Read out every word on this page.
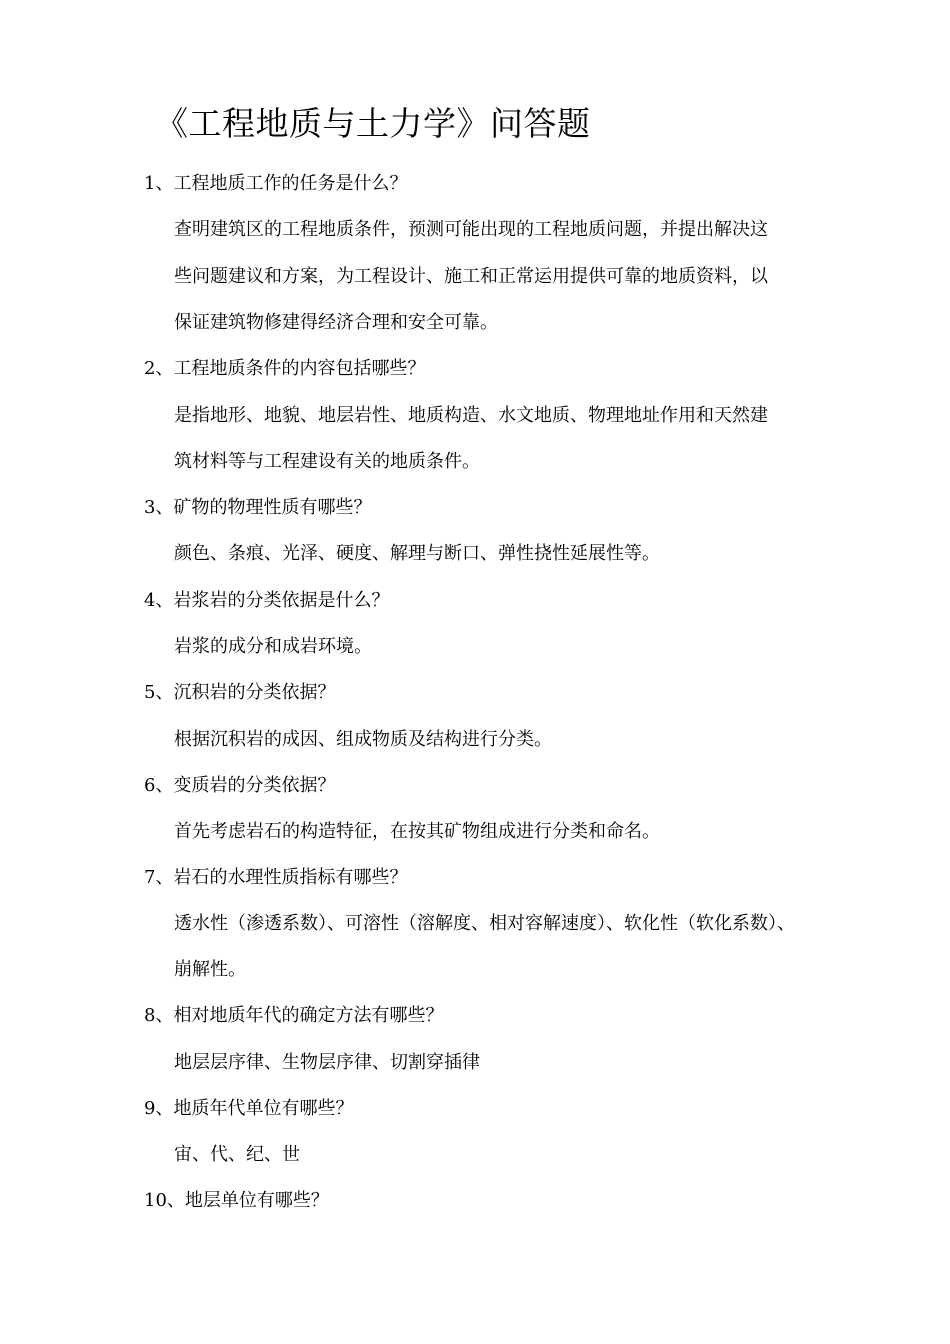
《工程地质与土力学》问答题
1、工程地质工作的任务是什么？
查明建筑区的工程地质条件，预测可能出现的工程地质问题，并提出解决这
些问题建议和方案，为工程设计、施工和正常运用提供可靠的地质资料，以
保证建筑物修建得经济合理和安全可靠。
2、工程地质条件的内容包括哪些？
是指地形、地貌、地层岩性、地质构造、水文地质、物理地址作用和天然建
筑材料等与工程建设有关的地质条件。
3、矿物的物理性质有哪些？
颜色、条痕、光泽、硬度、解理与断口、弹性挠性延展性等。
4、岩浆岩的分类依据是什么？
岩浆的成分和成岩环境。
5、沉积岩的分类依据？
根据沉积岩的成因、组成物质及结构进行分类。
6、变质岩的分类依据？
首先考虑岩石的构造特征，在按其矿物组成进行分类和命名。
7、岩石的水理性质指标有哪些？
透水性（渗透系数）、可溶性（溶解度、相对容解速度）、软化性（软化系数）、
崩解性。
8、相对地质年代的确定方法有哪些？
地层层序律、生物层序律、切割穿插律
9、地质年代单位有哪些？
宙、代、纪、世
10、地层单位有哪些？
